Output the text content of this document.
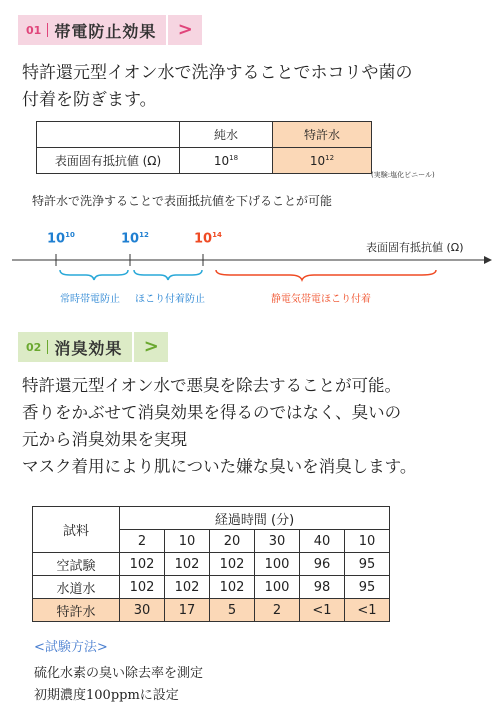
01 帯電防止効果 >
特許還元型イオン水で洗浄することでホコリや菌の
付着を防ぎます。
	純水	特許水
表面固有抵抗値 (Ω)	$10^{18}$	$10^{12}$
(実験:塩化ビニール)
特許水で洗浄することで表面抵抗値を下げることが可能
$10^{10}$	$10^{12}$	$10^{14}$
表面固有抵抗値 (Ω)
常時帯電防止 ほこり付着防止	静電気帯電ほこり付着
02 消臭効果 >
特許還元型イオン水で悪臭を除去することが可能。
香りをかぶせて消臭効果を得るのではなく、臭いの
元から消臭効果を実現
マスク着用により肌についた嫌な臭いを消臭します。
試料	経過時間 (分)					
	2	10	20	30	40	10
空試験	102	102	102	100	96	95
水道水	102	102	102	100	98	95
特許水	30	17	5	2	<1	<1
<試験方法>
硫化水素の臭い除去率を測定
初期濃度100ppmに設定
